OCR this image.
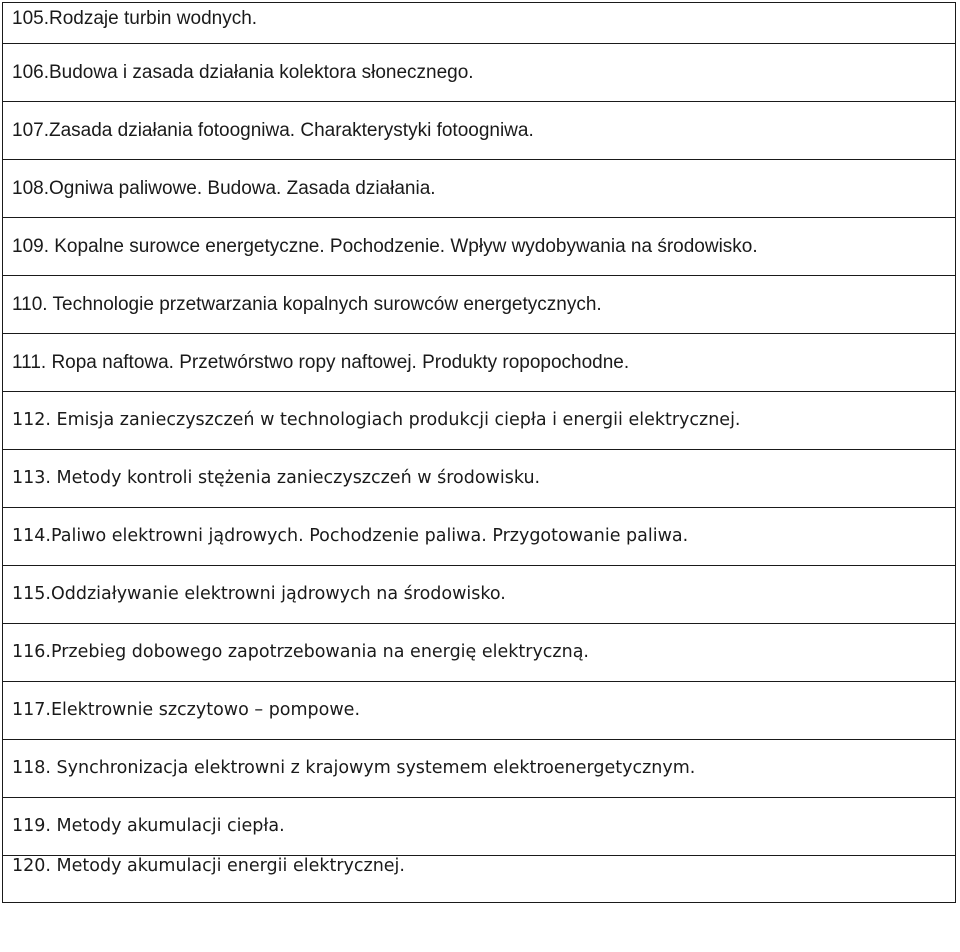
105.Rodzaje turbin wodnych.
106.Budowa i zasada działania kolektora słonecznego.
107.Zasada działania fotoogniwa. Charakterystyki fotoogniwa.
108.Ogniwa paliwowe. Budowa. Zasada działania.
109. Kopalne surowce energetyczne. Pochodzenie. Wpływ wydobywania na środowisko.
110. Technologie przetwarzania kopalnych surowców energetycznych.
111. Ropa naftowa. Przetwórstwo ropy naftowej. Produkty ropopochodne.
112. Emisja zanieczyszczeń w technologiach produkcji ciepła i energii elektrycznej.
113. Metody kontroli stężenia zanieczyszczeń w środowisku.
114.Paliwo elektrowni jądrowych. Pochodzenie paliwa. Przygotowanie paliwa.
115.Oddziaływanie elektrowni jądrowych na środowisko.
116.Przebieg dobowego zapotrzebowania na energię elektryczną.
117.Elektrownie szczytowo – pompowe.
118. Synchronizacja elektrowni z krajowym systemem elektroenergetycznym.
119. Metody akumulacji ciepła.
120. Metody akumulacji energii elektrycznej.
